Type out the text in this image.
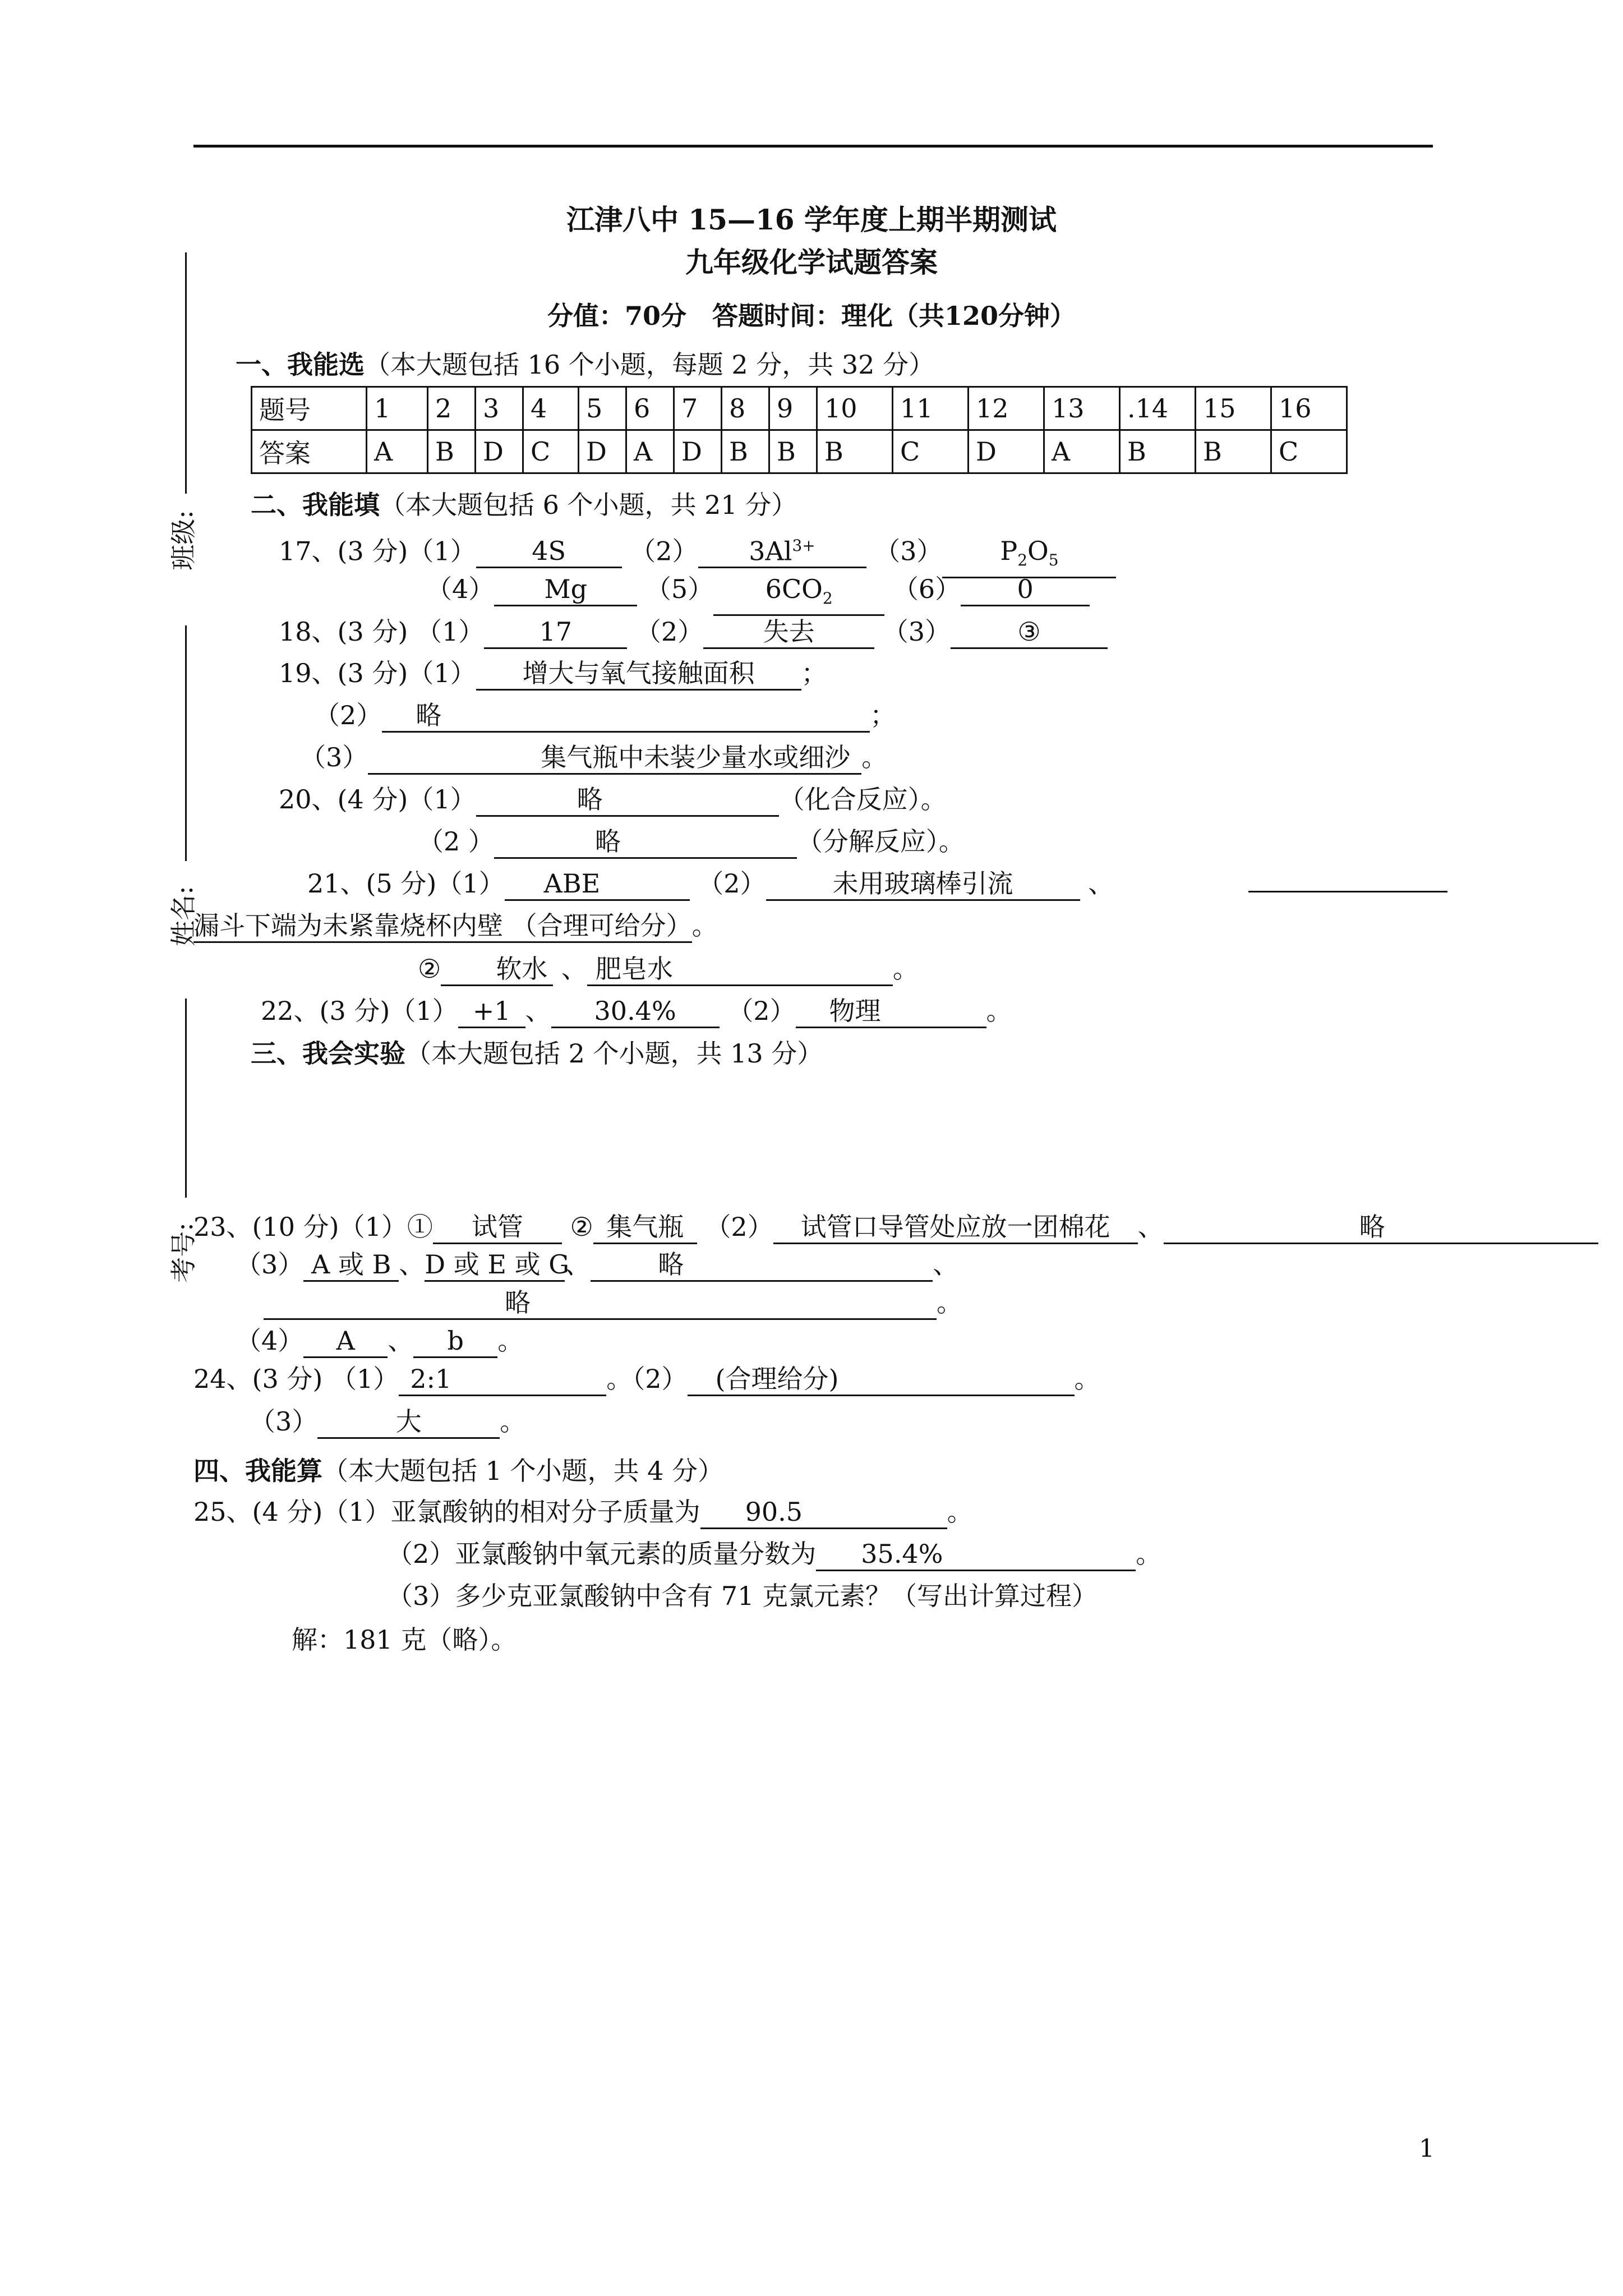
班级:
姓名:
考号:
江津八中 15—16 学年度上期半期测试
九年级化学试题答案
分值：70分　答题时间：理化（共120分钟）
一、我能选（本大题包括 16 个小题，每题 2 分，共 32 分）
题号	1	2	3	4	5	6	7	8	9	10	11	12	13	.14	15	16
答案	A	B	D	C	D	A	D	B	B	B	C	D	A	B	B	C
二、我能填（本大题包括 6 个小题，共 21 分）
17、(3 分)（1） 4S （2） $3Al^{3+}$ （3） $P_2O_5$
（4） Mg （5） $6CO_2$ （6） 0
18、(3 分) （1） 17 （2） 失去	（3）	③
19、(3 分)（1） 增大与氧气接触面积 ；
（2） 略	；
（3）	集气瓶中未装少量水或细沙 。
20、(4 分)（1）	略	（化合反应）。
（2 ）	略	（分解反应）。
21、(5 分)（1） ABE	（2）	未用玻璃棒引流	、
漏斗下端为未紧靠烧杯内壁 （合理可给分）。
② 软水 、 肥皂水	。
22、(3 分)（1） +1 、 30.4% （2） 物理	。
三、我会实验（本大题包括 2 个小题，共 13 分）
23、(10 分)（1）① 试管 ② 集气瓶 （2） 试管口导管处应放一团棉花 、	略
（3） A 或 B 、D 或 E 或 G、	略	、
略	。
（4） A 、 b 。
24、(3 分) （1） 2:1	。（2） (合理给分)	。
（3）	大	。
四、我能算（本大题包括 1 个小题，共 4 分）
25、(4 分)（1）亚氯酸钠的相对分子质量为 90.5	。
（2）亚氯酸钠中氧元素的质量分数为 35.4%	。
（3）多少克亚氯酸钠中含有 71 克氯元素？（写出计算过程）
解：181 克（略）。
1
